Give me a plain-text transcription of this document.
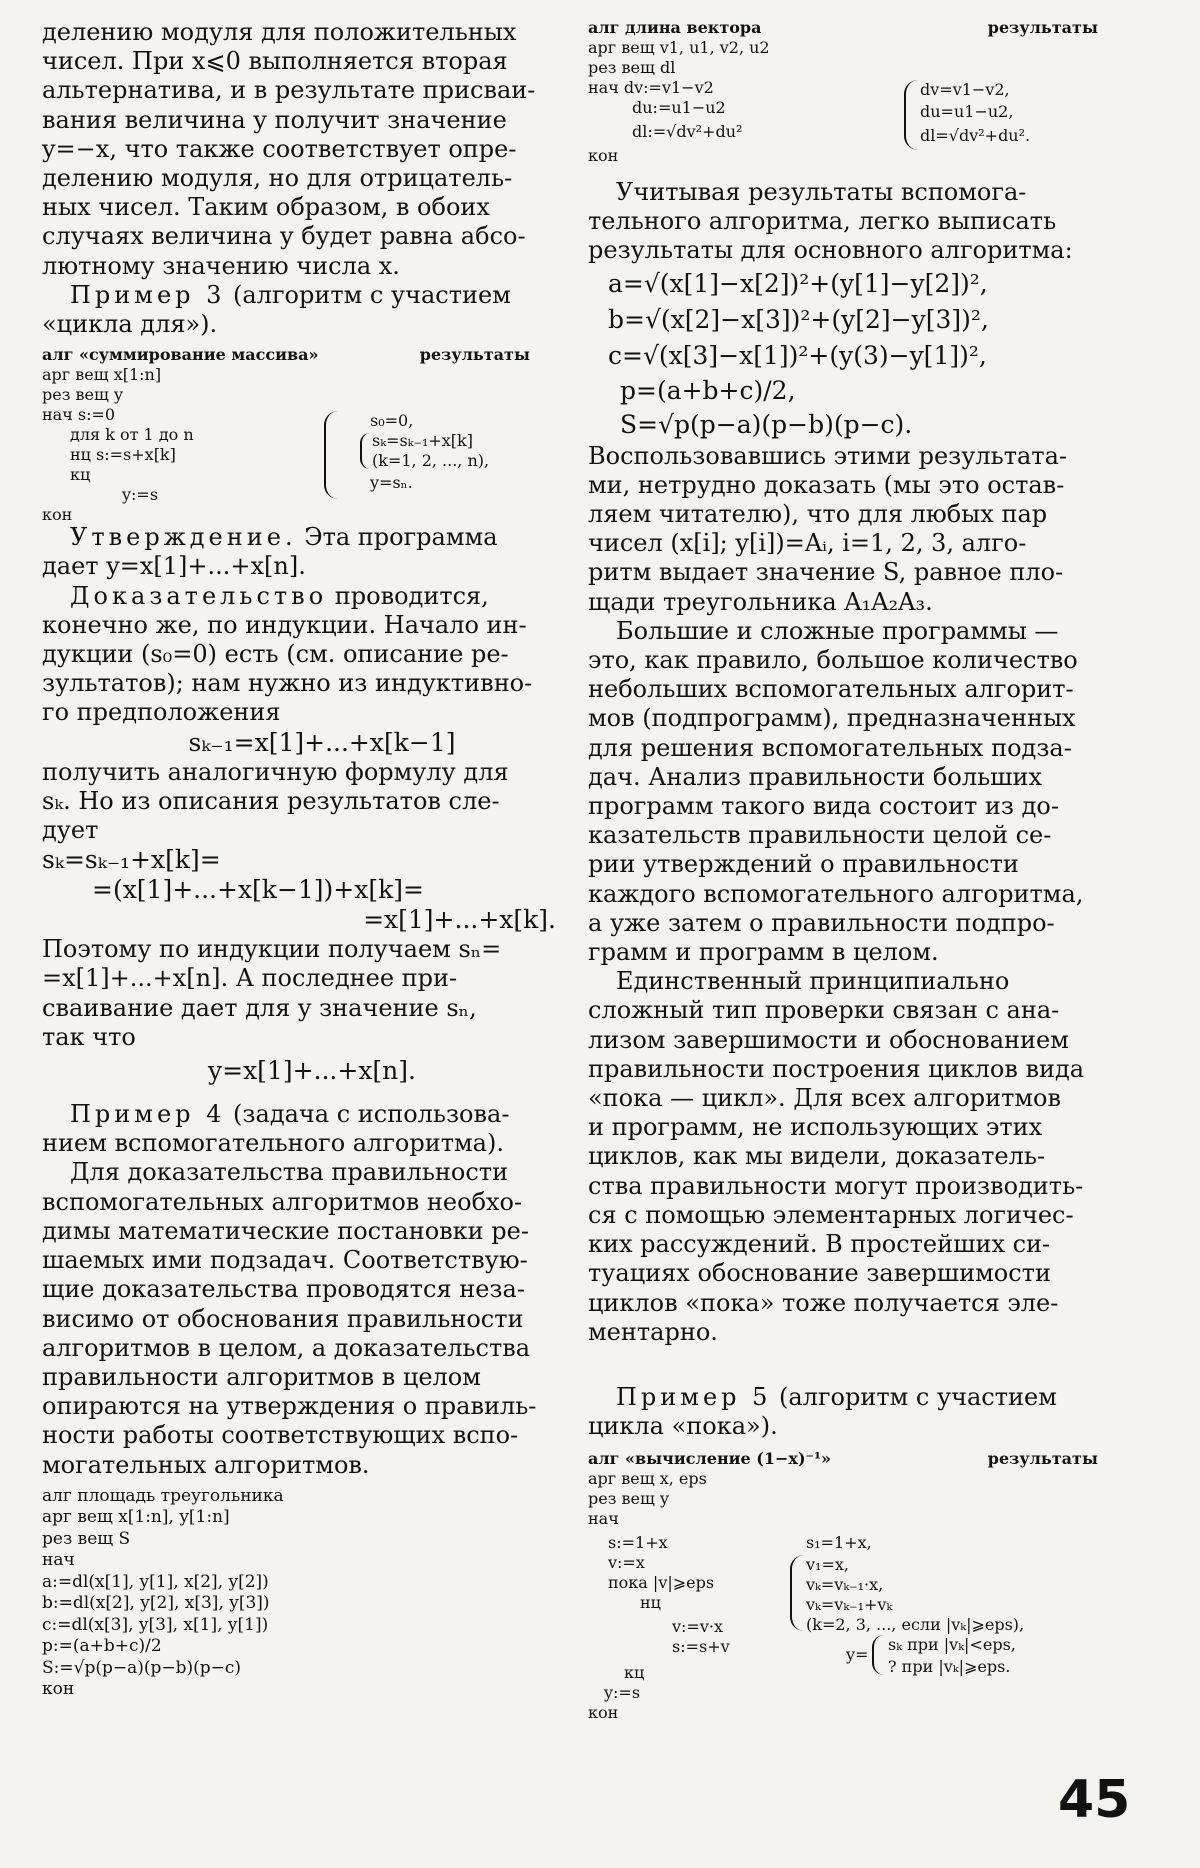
делению модуля для положительных
чисел. При x⩽0 выполняется вторая
альтернатива, и в результате присваи-
вания величина y получит значение
y=−x, что также соответствует опре-
делению модуля, но для отрицатель-
ных чисел. Таким образом, в обоих
случаях величина y будет равна абсо-
лютному значению числа x.
Пример 3 (алгоритм с участием
«цикла для»).
алг «суммирование массива»	результаты
арг вещ x[1:n]
рез вещ y
нач s:=0
для k от 1 до n
нц s:=s+x[k]
кц
y:=s
кон
s₀=0,
sₖ=sₖ₋₁+x[k]
(k=1, 2, ..., n),
y=sₙ.
Утверждение. Эта программа
дает y=x[1]+...+x[n].
Доказательство проводится,
конечно же, по индукции. Начало ин-
дукции (s₀=0) есть (см. описание ре-
зультатов); нам нужно из индуктивно-
го предположения
sₖ₋₁=x[1]+...+x[k−1]
получить аналогичную формулу для
sₖ. Но из описания результатов сле-
дует
sₖ=sₖ₋₁+x[k]=
=(x[1]+...+x[k−1])+x[k]=
=x[1]+...+x[k].
Поэтому по индукции получаем sₙ=
=x[1]+...+x[n]. А последнее при-
сваивание дает для y значение sₙ,
так что
y=x[1]+...+x[n].
Пример 4 (задача с использова-
нием вспомогательного алгоритма).
Для доказательства правильности
вспомогательных алгоритмов необхо-
димы математические постановки ре-
шаемых ими подзадач. Соответствую-
щие доказательства проводятся неза-
висимо от обоснования правильности
алгоритмов в целом, а доказательства
правильности алгоритмов в целом
опираются на утверждения о правиль-
ности работы соответствующих вспо-
могательных алгоритмов.
алг площадь треугольника
арг вещ x[1:n], y[1:n]
рез вещ S
нач
a:=dl(x[1], y[1], x[2], y[2])
b:=dl(x[2], y[2], x[3], y[3])
c:=dl(x[3], y[3], x[1], y[1])
p:=(a+b+c)/2
S:=√p(p−a)(p−b)(p−c)
кон
алг длина вектора	результаты
арг вещ v1, u1, v2, u2
рез вещ dl
нач dv:=v1−v2
du:=u1−u2
dl:=√dv²+du²
кон
dv=v1−v2,
du=u1−u2,
dl=√dv²+du².
Учитывая результаты вспомога-
тельного алгоритма, легко выписать
результаты для основного алгоритма:
a=√(x[1]−x[2])²+(y[1]−y[2])²,
b=√(x[2]−x[3])²+(y[2]−y[3])²,
c=√(x[3]−x[1])²+(y(3)−y[1])²,
p=(a+b+c)/2,
S=√p(p−a)(p−b)(p−c).
Воспользовавшись этими результата-
ми, нетрудно доказать (мы это остав-
ляем читателю), что для любых пар
чисел (x[i]; y[i])=Aᵢ, i=1, 2, 3, алго-
ритм выдает значение S, равное пло-
щади треугольника A₁A₂A₃.
Большие и сложные программы —
это, как правило, большое количество
небольших вспомогательных алгорит-
мов (подпрограмм), предназначенных
для решения вспомогательных подза-
дач. Анализ правильности больших
программ такого вида состоит из до-
казательств правильности целой се-
рии утверждений о правильности
каждого вспомогательного алгоритма,
а уже затем о правильности подпро-
грамм и программ в целом.
Единственный принципиально
сложный тип проверки связан с ана-
лизом завершимости и обоснованием
правильности построения циклов вида
«пока — цикл». Для всех алгоритмов
и программ, не использующих этих
циклов, как мы видели, доказатель-
ства правильности могут производить-
ся с помощью элементарных логичес-
ких рассуждений. В простейших си-
туациях обоснование завершимости
циклов «пока» тоже получается эле-
ментарно.
Пример 5 (алгоритм с участием
цикла «пока»).
алг «вычисление (1−x)⁻¹»	результаты
арг вещ x, eps
рез вещ y
нач
s:=1+x
v:=x
пока |v|⩾eps
нц
v:=v·x
s:=s+v
кц
y:=s
кон
s₁=1+x,
v₁=x,
vₖ=vₖ₋₁·x,
vₖ=vₖ₋₁+vₖ
(k=2, 3, ..., если |vₖ|⩾eps),
y=
sₖ при |vₖ|<eps,
? при |vₖ|⩾eps.
45
